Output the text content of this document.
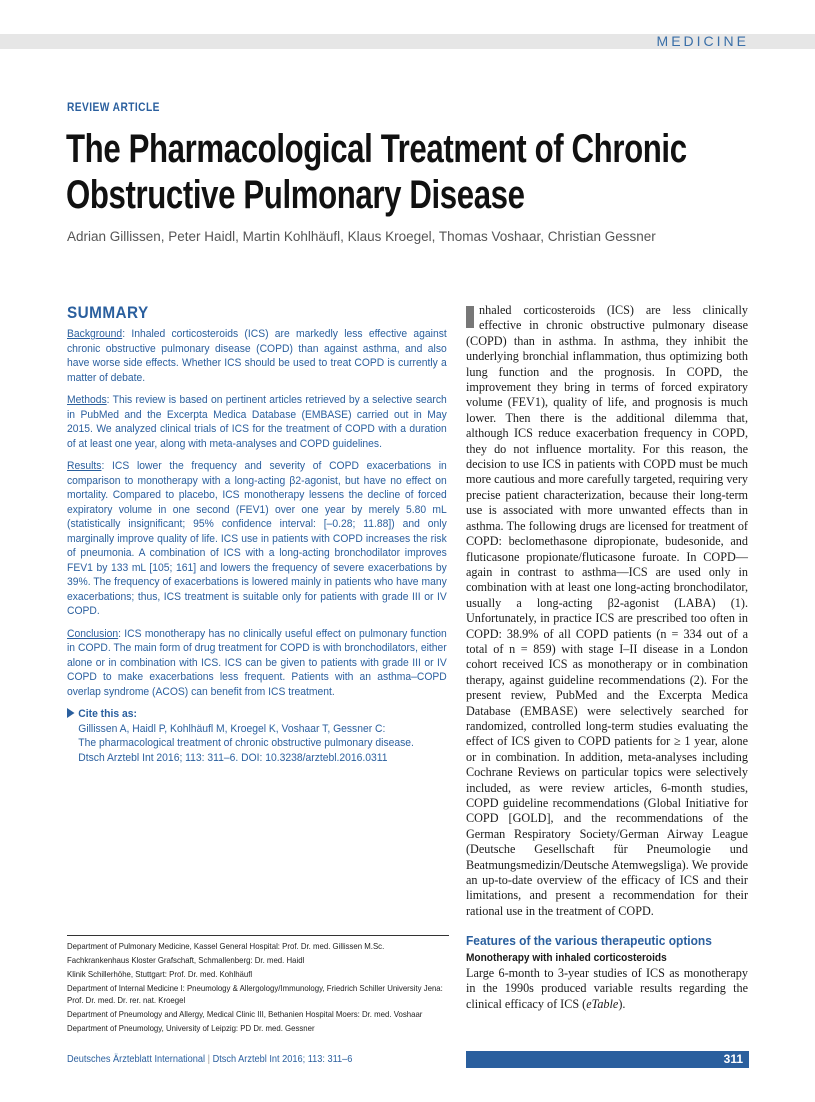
MEDICINE
REVIEW ARTICLE
The Pharmacological Treatment of Chronic Obstructive Pulmonary Disease
Adrian Gillissen, Peter Haidl, Martin Kohlhäufl, Klaus Kroegel, Thomas Voshaar, Christian Gessner
SUMMARY

Background: Inhaled corticosteroids (ICS) are markedly less effective against chronic obstructive pulmonary disease (COPD) than against asthma, and also have worse side effects. Whether ICS should be used to treat COPD is currently a matter of debate.

Methods: This review is based on pertinent articles retrieved by a selective search in PubMed and the Excerpta Medica Database (EMBASE) carried out in May 2015. We analyzed clinical trials of ICS for the treatment of COPD with a duration of at least one year, along with meta-analyses and COPD guidelines.

Results: ICS lower the frequency and severity of COPD exacerbations in comparison to monotherapy with a long-acting β2-agonist, but have no effect on mortality. Compared to placebo, ICS monotherapy lessens the decline of forced expiratory volume in one second (FEV1) over one year by merely 5.80 mL (statistically insignificant; 95% confidence interval: [–0.28; 11.88]) and only marginally improve quality of life. ICS use in patients with COPD increases the risk of pneumonia. A combination of ICS with a long-acting bronchodilator improves FEV1 by 133 mL [105; 161] and lowers the frequency of severe exacerbations by 39%. The frequency of exacerbations is lowered mainly in patients who have many exacerbations; thus, ICS treatment is suitable only for patients with grade III or IV COPD.

Conclusion: ICS monotherapy has no clinically useful effect on pulmonary function in COPD. The main form of drug treatment for COPD is with bronchodilators, either alone or in combination with ICS. ICS can be given to patients with grade III or IV COPD to make exacerbations less frequent. Patients with an asthma–COPD overlap syndrome (ACOS) can benefit from ICS treatment.

Cite this as:
Gillissen A, Haidl P, Kohlhäufl M, Kroegel K, Voshaar T, Gessner C:
The pharmacological treatment of chronic obstructive pulmonary disease.
Dtsch Arztebl Int 2016; 113: 311–6. DOI: 10.3238/arztebl.2016.0311
Department of Pulmonary Medicine, Kassel General Hospital: Prof. Dr. med. Gillissen M.Sc.
Fachkrankenhaus Kloster Grafschaft, Schmallenberg: Dr. med. Haidl
Klinik Schillerhöhe, Stuttgart: Prof. Dr. med. Kohlhäufl
Department of Internal Medicine I: Pneumology & Allergology/Immunology, Friedrich Schiller University Jena: Prof. Dr. med. Dr. rer. nat. Kroegel
Department of Pneumology and Allergy, Medical Clinic III, Bethanien Hospital Moers: Dr. med. Voshaar
Department of Pneumology, University of Leipzig: PD Dr. med. Gessner

nhaled corticosteroids (ICS) are less clinically effective in chronic obstructive pulmonary disease (COPD) than in asthma. In asthma, they inhibit the underlying bronchial inflammation, thus optimizing both lung function and the prognosis. In COPD, the improvement they bring in terms of forced expiratory volume (FEV1), quality of life, and prognosis is much lower. Then there is the additional dilemma that, although ICS reduce exacerbation frequency in COPD, they do not influence mortality. For this reason, the decision to use ICS in patients with COPD must be much more cautious and more carefully targeted, requiring very precise patient characterization, because their long-term use is associated with more unwanted effects than in asthma. The following drugs are licensed for treatment of COPD: beclomethasone dipropionate, budesonide, and fluticasone propionate/fluticasone furoate. In COPD—again in contrast to asthma—ICS are used only in combination with at least one long-acting bronchodilator, usually a long-acting β2-agonist (LABA) (1). Unfortunately, in practice ICS are prescribed too often in COPD: 38.9% of all COPD patients (n = 334 out of a total of n = 859) with stage I–II disease in a London cohort received ICS as monotherapy or in combination therapy, against guideline recommendations (2). For the present review, PubMed and the Excerpta Medica Database (EMBASE) were selectively searched for randomized, controlled long-term studies evaluating the effect of ICS given to COPD patients for ≥ 1 year, alone or in combination. In addition, meta-analyses including Cochrane Reviews on particular topics were selectively included, as were review articles, 6-month studies, COPD guideline recommendations (Global Initiative for COPD [GOLD], and the recommendations of the German Respiratory Society/German Airway League (Deutsche Gesellschaft für Pneumologie und Beatmungsmedizin/Deutsche Atemwegsliga). We provide an up-to-date overview of the efficacy of ICS and their limitations, and present a recommendation for their rational use in the treatment of COPD.

Features of the various therapeutic options
Monotherapy with inhaled corticosteroids

Large 6-month to 3-year studies of ICS as monotherapy in the 1990s produced variable results regarding the clinical efficacy of ICS (eTable).

Deutsches Ärzteblatt International | Dtsch Arztebl Int 2016; 113: 311–6	311
